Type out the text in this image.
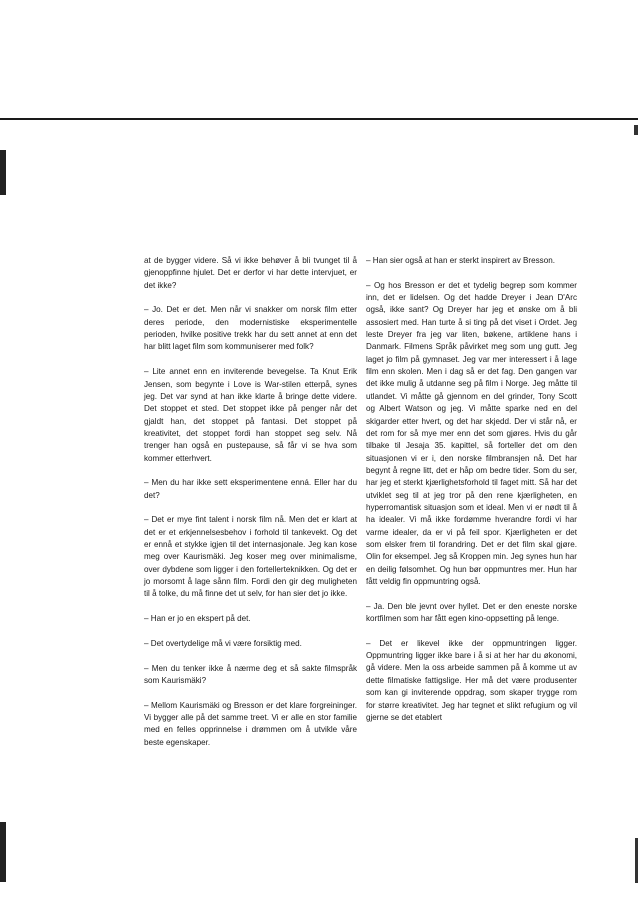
at de bygger videre. Så vi ikke behøver å bli tvunget til å gjenoppfinne hjulet. Det er derfor vi har dette intervjuet, er det ikke?

– Jo. Det er det. Men når vi snakker om norsk film etter deres periode, den modernistiske eksperimentelle perioden, hvilke positive trekk har du sett annet at enn det har blitt laget film som kommuniserer med folk?

– Lite annet enn en inviterende bevegelse. Ta Knut Erik Jensen, som begynte i Love is War-stilen etterpå, synes jeg. Det var synd at han ikke klarte å bringe dette videre. Det stoppet et sted. Det stoppet ikke på penger når det gjaldt han, det stoppet på fantasi. Det stoppet på kreativitet, det stoppet fordi han stoppet seg selv. Nå trenger han også en pustepause, så får vi se hva som kommer etterhvert.

– Men du har ikke sett eksperimentene enná. Eller har du det?

– Det er mye fint talent i norsk film nå. Men det er klart at det er et erkjennelsesbehov i forhold til tankevekt. Og det er ennå et stykke igjen til det internasjonale. Jeg kan kose meg over Kaurismäki. Jeg koser meg over minimalisme, over dybdene som ligger i den fortellerteknikken. Og det er jo morsomt å lage sånn film. Fordi den gir deg muligheten til å tolke, du må finne det ut selv, for han sier det jo ikke.

– Han er jo en ekspert på det.

– Det overtydelige må vi være forsiktig med.

– Men du tenker ikke å nærme deg et så sakte filmspråk som Kaurismäki?

– Mellom Kaurismäki og Bresson er det klare forgreininger. Vi bygger alle på det samme treet. Vi er alle en stor familie med en felles opprinnelse i drømmen om å utvikle våre beste egenskaper.

– Han sier også at han er sterkt inspirert av Bresson.

– Og hos Bresson er det et tydelig begrep som kommer inn, det er lidelsen. Og det hadde Dreyer i Jean D'Arc også, ikke sant? Og Dreyer har jeg et ønske om å bli assosiert med. Han turte å si ting på det viset i Ordet. Jeg leste Dreyer fra jeg var liten, bøkene, artiklene hans i Danmark. Filmens Språk påvirket meg som ung gutt. Jeg laget jo film på gymnaset. Jeg var mer interessert i å lage film enn skolen. Men i dag så er det fag. Den gangen var det ikke mulig å utdanne seg på film i Norge. Jeg måtte til utlandet. Vi måtte gå gjennom en del grinder, Tony Scott og Albert Watson og jeg. Vi måtte sparke ned en del skigarder etter hvert, og det har skjedd. Der vi står nå, er det rom for så mye mer enn det som gjøres. Hvis du går tilbake til Jesaja 35. kapittel, så forteller det om den situasjonen vi er i, den norske filmbransjen nå. Det har begynt å regne litt, det er håp om bedre tider. Som du ser, har jeg et sterkt kjærlighetsforhold til faget mitt. Så har det utviklet seg til at jeg tror på den rene kjærligheten, en hyperromantisk situasjon som et ideal. Men vi er nødt til å ha idealer. Vi må ikke fordømme hverandre fordi vi har varme idealer, da er vi på feil spor. Kjærligheten er det som elsker frem til forandring. Det er det film skal gjøre. Olin for eksempel. Jeg så Kroppen min. Jeg synes hun har en deilig følsomhet. Og hun bør oppmuntres mer. Hun har fått veldig fin oppmuntring også.

– Ja. Den ble jevnt over hyllet. Det er den eneste norske kortfilmen som har fått egen kino-oppsetting på lenge.

– Det er likevel ikke der oppmuntringen ligger. Oppmuntring ligger ikke bare i å si at her har du økonomi, gå videre. Men la oss arbeide sammen på å komme ut av dette filmatiske fattigslige. Her må det være produsenter som kan gi inviterende oppdrag, som skaper trygge rom for større kreativitet. Jeg har tegnet et slikt refugium og vil gjerne se det etablert
